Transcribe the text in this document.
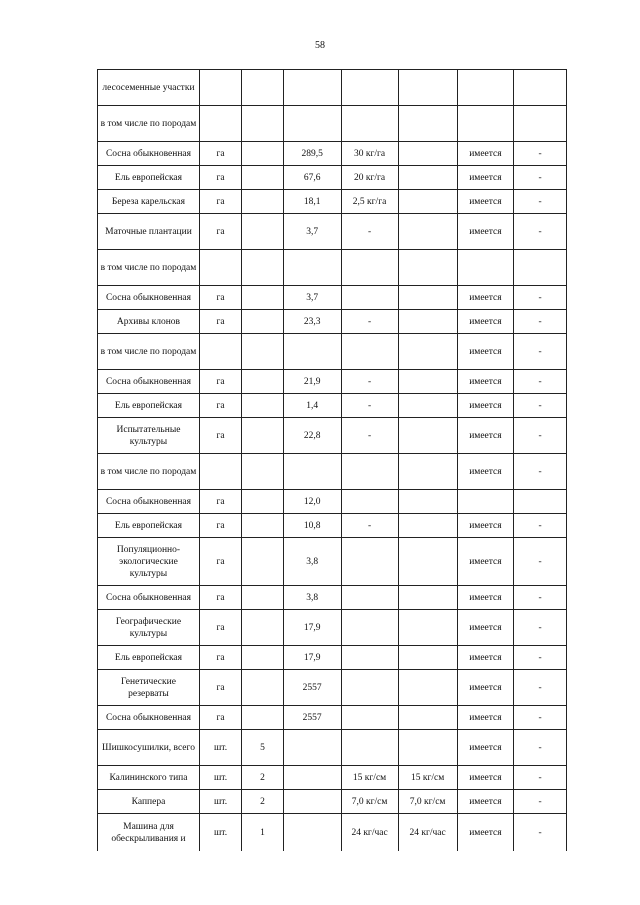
58
лесосеменные участки							
в том числе по породам							
Сосна обыкновенная	га		289,5	30 кг/га		имеется	-
Ель европейская	га		67,6	20 кг/га		имеется	-
Береза карельская	га		18,1	2,5 кг/га		имеется	-
Маточные плантации	га		3,7	-		имеется	-
в том числе по породам							
Сосна обыкновенная	га		3,7			имеется	-
Архивы клонов	га		23,3	-		имеется	-
в том числе по породам						имеется	-
Сосна обыкновенная	га		21,9	-		имеется	-
Ель европейская	га		1,4	-		имеется	-
Испытательные культуры	га		22,8	-		имеется	-
в том числе по породам						имеется	-
Сосна обыкновенная	га		12,0				
Ель европейская	га		10,8	-		имеется	-
Популяционно-экологические культуры	га		3,8			имеется	-
Сосна обыкновенная	га		3,8			имеется	-
Географические культуры	га		17,9			имеется	-
Ель европейская	га		17,9			имеется	-
Генетические резерваты	га		2557			имеется	-
Сосна обыкновенная	га		2557			имеется	-
Шишкосушилки, всего	шт.	5				имеется	-
Калининского типа	шт.	2		15 кг/см	15 кг/см	имеется	-
Каппера	шт.	2		7,0 кг/см	7,0 кг/см	имеется	-
Машина для обескрыливания и	шт.	1		24 кг/час	24 кг/час	имеется	-
